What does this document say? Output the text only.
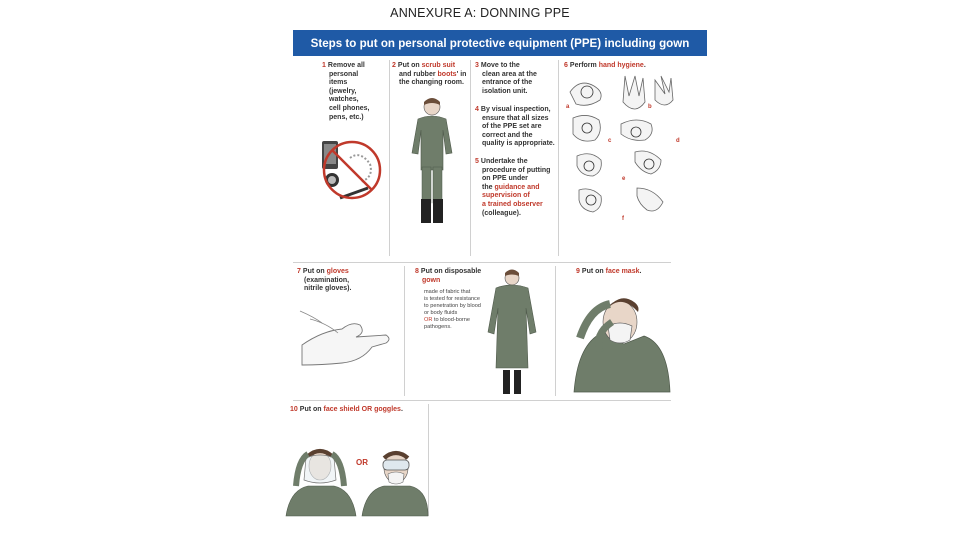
ANNEXURE A: DONNING PPE
Steps to put on personal protective equipment (PPE) including gown
1 Remove all
personal
items
(jewelry,
watches,
cell phones,
pens, etc.)
2 Put on scrub suit
and rubber boots' in
the changing room.
3 Move to the
clean area at the
entrance of the
isolation unit.
4 By visual inspection,
ensure that all sizes
of the PPE set are
correct and the
quality is appropriate.
5 Undertake the
procedure of putting
on PPE under
the guidance and
supervision of
a trained observer
(colleague).
6 Perform hand hygiene.
a	b
c	d
e
f
7 Put on gloves
(examination,
nitrile gloves).
8 Put on disposable
gown
made of fabric that
is tested for resistance
to penetration by blood
or body fluids
OR to blood-borne
pathogens.
9 Put on face mask.
10 Put on face shield OR goggles.
OR
